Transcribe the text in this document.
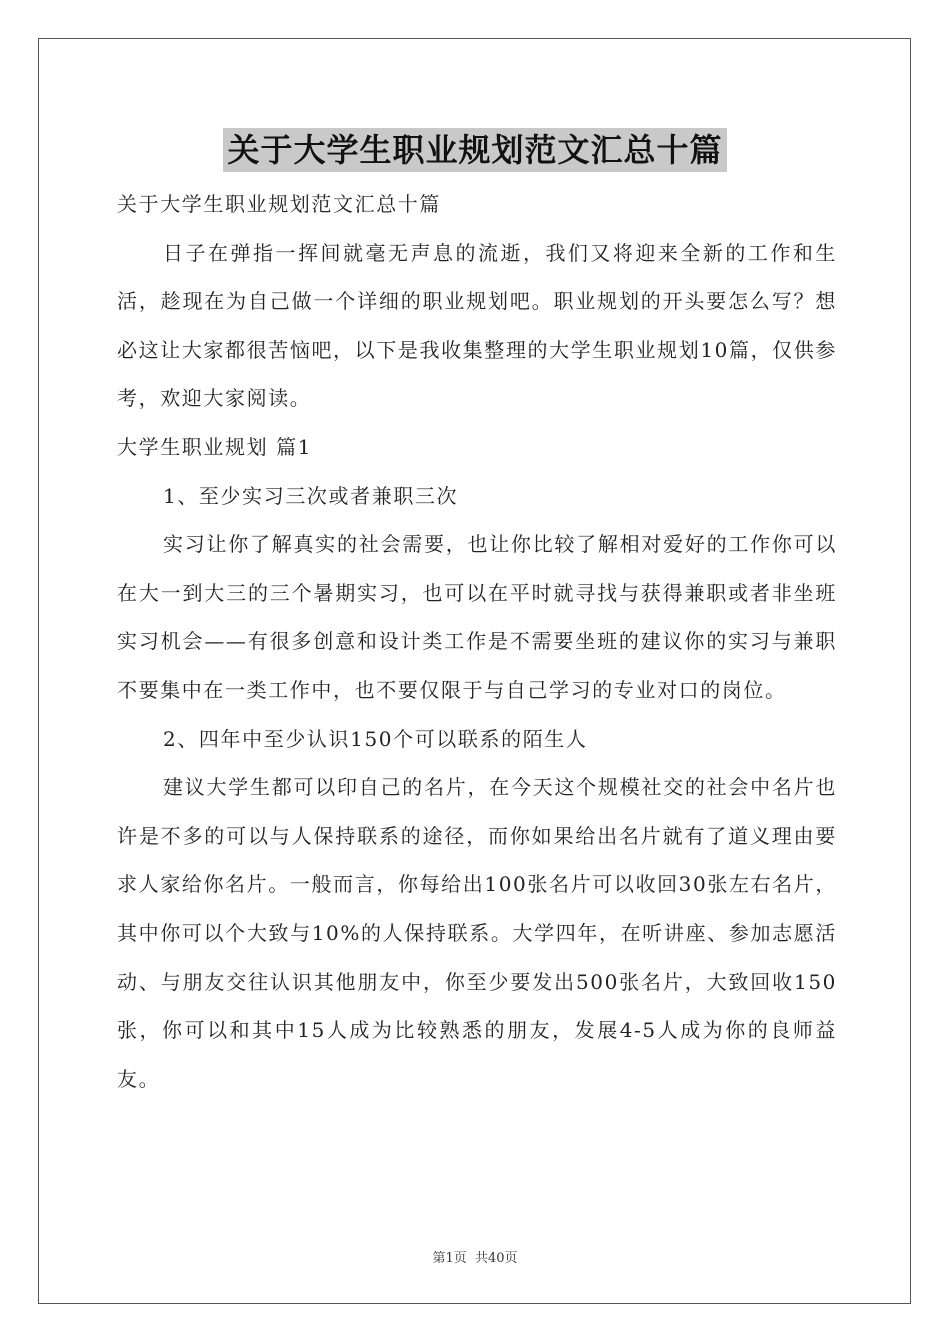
关于大学生职业规划范文汇总十篇

关于大学生职业规划范文汇总十篇

日子在弹指一挥间就毫无声息的流逝，我们又将迎来全新的工作和生活，趁现在为自己做一个详细的职业规划吧。职业规划的开头要怎么写？想必这让大家都很苦恼吧，以下是我收集整理的大学生职业规划10篇，仅供参考，欢迎大家阅读。

大学生职业规划 篇1

1、至少实习三次或者兼职三次

实习让你了解真实的社会需要，也让你比较了解相对爱好的工作你可以在大一到大三的三个暑期实习，也可以在平时就寻找与获得兼职或者非坐班实习机会——有很多创意和设计类工作是不需要坐班的建议你的实习与兼职不要集中在一类工作中，也不要仅限于与自己学习的专业对口的岗位。

2、四年中至少认识150个可以联系的陌生人

建议大学生都可以印自己的名片，在今天这个规模社交的社会中名片也许是不多的可以与人保持联系的途径，而你如果给出名片就有了道义理由要求人家给你名片。一般而言，你每给出100张名片可以收回30张左右名片，其中你可以个大致与10%的人保持联系。大学四年，在听讲座、参加志愿活动、与朋友交往认识其他朋友中，你至少要发出500张名片，大致回收150张，你可以和其中15人成为比较熟悉的朋友，发展4-5人成为你的良师益友。

第1页  共40页
